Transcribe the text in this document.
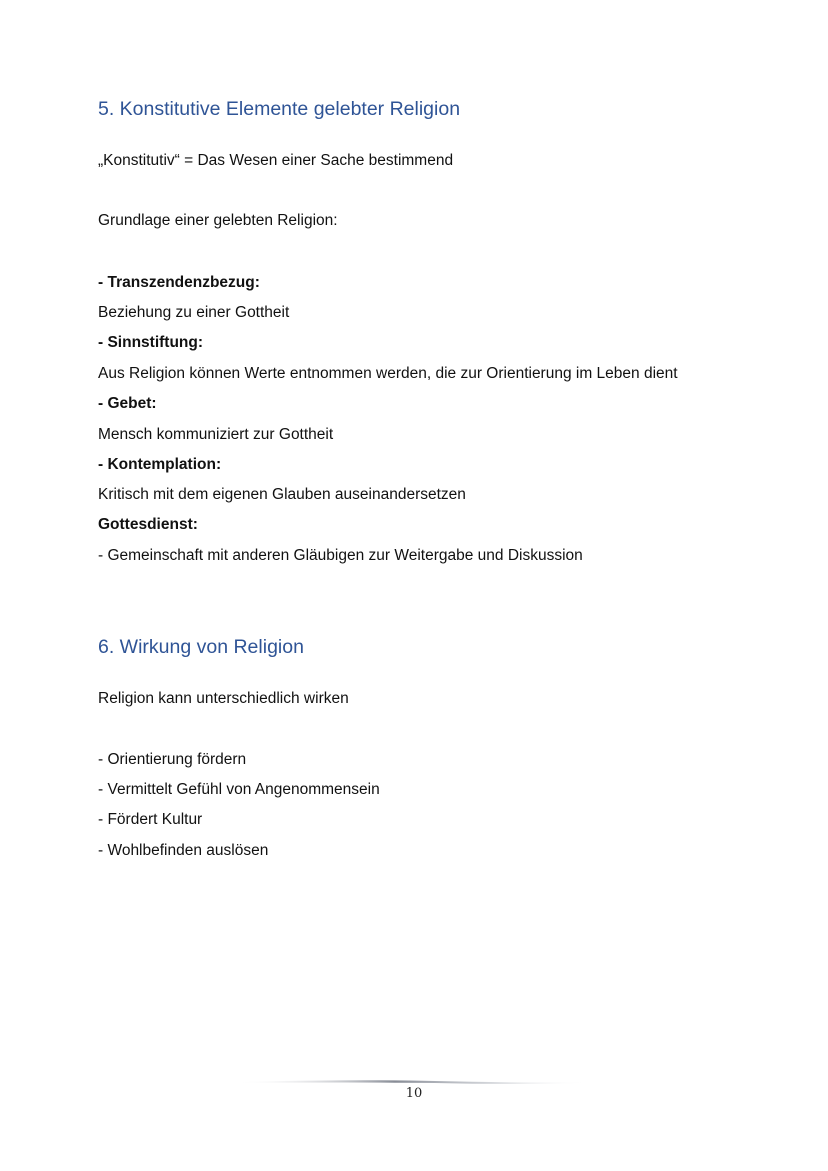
5. Konstitutive Elemente gelebter Religion
„Konstitutiv“ = Das Wesen einer Sache bestimmend
Grundlage einer gelebten Religion:
- Transzendenzbezug:
Beziehung zu einer Gottheit
- Sinnstiftung:
Aus Religion können Werte entnommen werden, die zur Orientierung im Leben dient
- Gebet:
Mensch kommuniziert zur Gottheit
- Kontemplation:
Kritisch mit dem eigenen Glauben auseinandersetzen
Gottesdienst:
- Gemeinschaft mit anderen Gläubigen zur Weitergabe und Diskussion
6. Wirkung von Religion
Religion kann unterschiedlich wirken
- Orientierung fördern
- Vermittelt Gefühl von Angenommensein
- Fördert Kultur
- Wohlbefinden auslösen
10
